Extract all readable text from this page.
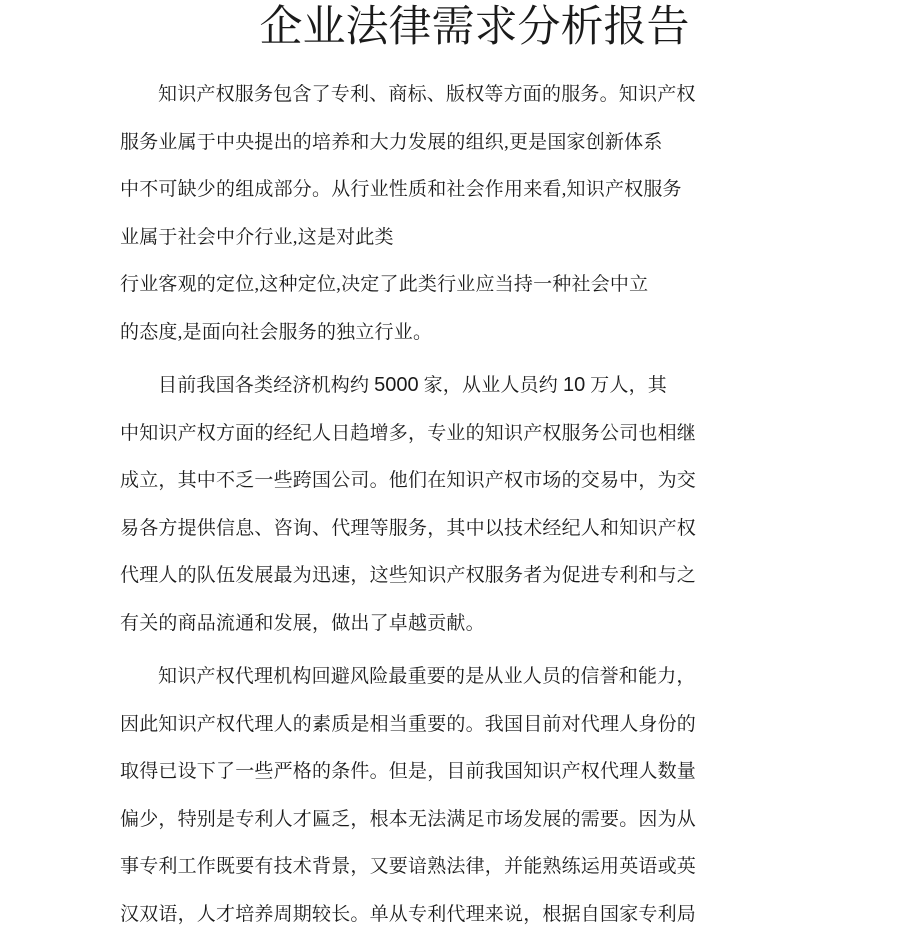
企业法律需求分析报告

知识产权服务包含了专利、商标、版权等方面的服务。知识产权
服务业属于中央提出的培养和大力发展的组织,更是国家创新体系
中不可缺少的组成部分。从行业性质和社会作用来看,知识产权服务
业属于社会中介行业,这是对此类
行业客观的定位,这种定位,决定了此类行业应当持一种社会中立
的态度,是面向社会服务的独立行业。

目前我国各类经济机构约 5000 家，从业人员约 10 万人，其
中知识产权方面的经纪人日趋增多，专业的知识产权服务公司也相继
成立，其中不乏一些跨国公司。他们在知识产权市场的交易中，为交
易各方提供信息、咨询、代理等服务，其中以技术经纪人和知识产权
代理人的队伍发展最为迅速，这些知识产权服务者为促进专利和与之
有关的商品流通和发展，做出了卓越贡献。

知识产权代理机构回避风险最重要的是从业人员的信誉和能力，
因此知识产权代理人的素质是相当重要的。我国目前对代理人身份的
取得已设下了一些严格的条件。但是，目前我国知识产权代理人数量
偏少，特别是专利人才匾乏，根本无法满足市场发展的需要。因为从
事专利工作既要有技术背景，又要谙熟法律，并能熟练运用英语或英
汉双语，人才培养周期较长。单从专利代理来说，根据自国家专利局
